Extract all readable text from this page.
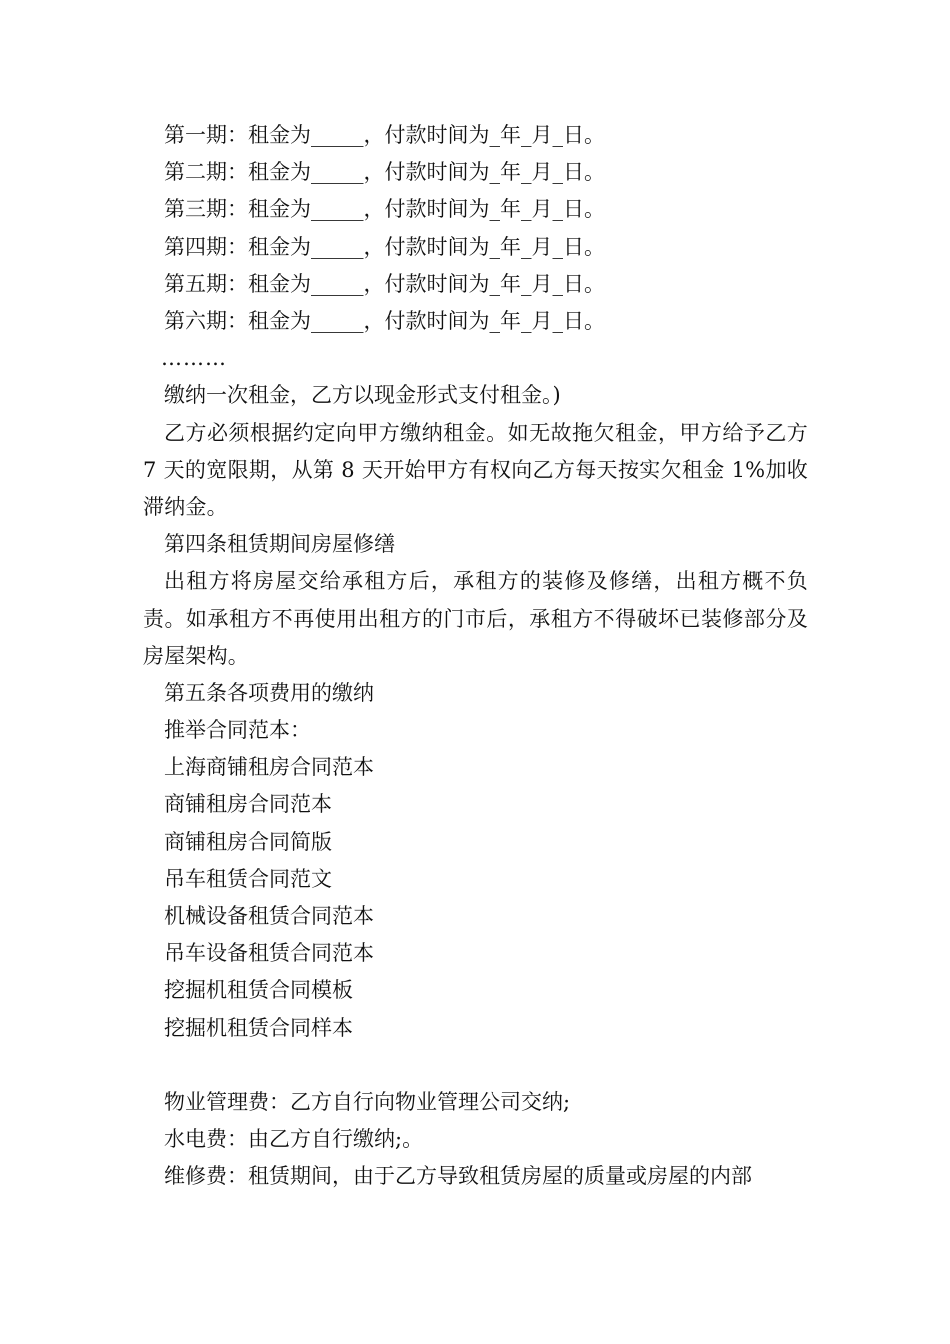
第一期：租金为_____，付款时间为_年_月_日。

第二期：租金为_____，付款时间为_年_月_日。

第三期：租金为_____，付款时间为_年_月_日。

第四期：租金为_____，付款时间为_年_月_日。

第五期：租金为_____，付款时间为_年_月_日。

第六期：租金为_____，付款时间为_年_月_日。

………

缴纳一次租金，乙方以现金形式支付租金。)

乙方必须根据约定向甲方缴纳租金。如无故拖欠租金，甲方给予乙方 7 天的宽限期，从第 8 天开始甲方有权向乙方每天按实欠租金 1%加收滞纳金。

第四条租赁期间房屋修缮

出租方将房屋交给承租方后，承租方的装修及修缮，出租方概不负责。如承租方不再使用出租方的门市后，承租方不得破坏已装修部分及房屋架构。

第五条各项费用的缴纳

推举合同范本：

上海商铺租房合同范本

商铺租房合同范本

商铺租房合同简版

吊车租赁合同范文

机械设备租赁合同范本

吊车设备租赁合同范本

挖掘机租赁合同模板

挖掘机租赁合同样本

物业管理费：乙方自行向物业管理公司交纳;

水电费：由乙方自行缴纳;。

维修费：租赁期间，由于乙方导致租赁房屋的质量或房屋的内部
